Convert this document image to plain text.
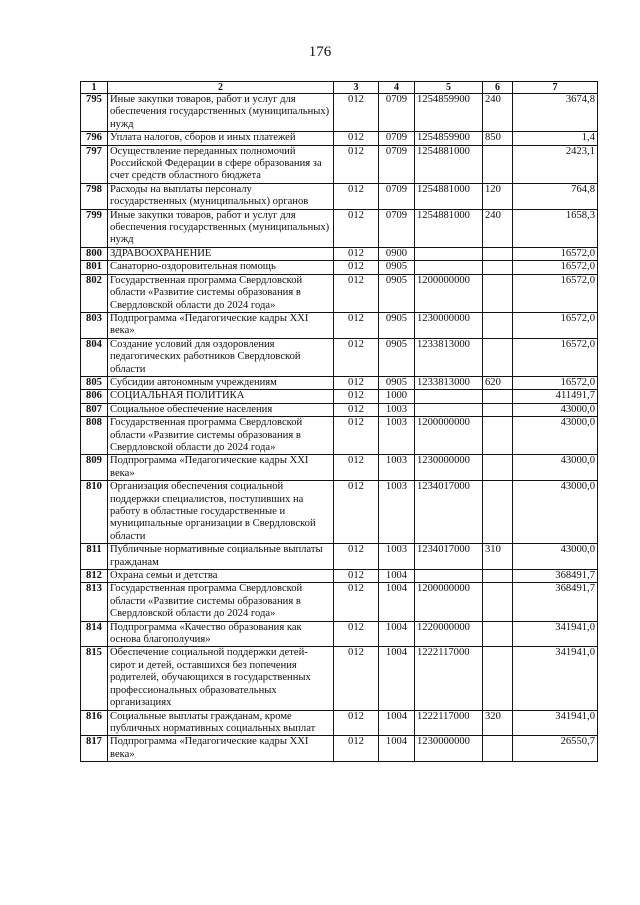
176
1	2	3	4	5	6	7
795	Иные закупки товаров, работ и услуг для обеспечения государственных (муниципальных) нужд	012	0709	1254859900	240	3674,8
796	Уплата налогов, сборов и иных платежей	012	0709	1254859900	850	1,4
797	Осуществление переданных полномочий Российской Федерации в сфере образования за счет средств областного бюджета	012	0709	1254881000		2423,1
798	Расходы на выплаты персоналу государственных (муниципальных) органов	012	0709	1254881000	120	764,8
799	Иные закупки товаров, работ и услуг для обеспечения государственных (муниципальных) нужд	012	0709	1254881000	240	1658,3
800	ЗДРАВООХРАНЕНИЕ	012	0900			16572,0
801	Санаторно-оздоровительная помощь	012	0905			16572,0
802	Государственная программа Свердловской области «Развитие системы образования в Свердловской области до 2024 года»	012	0905	1200000000		16572,0
803	Подпрограмма «Педагогические кадры XXI века»	012	0905	1230000000		16572,0
804	Создание условий для оздоровления педагогических работников Свердловской области	012	0905	1233813000		16572,0
805	Субсидии автономным учреждениям	012	0905	1233813000	620	16572,0
806	СОЦИАЛЬНАЯ ПОЛИТИКА	012	1000			411491,7
807	Социальное обеспечение населения	012	1003			43000,0
808	Государственная программа Свердловской области «Развитие системы образования в Свердловской области до 2024 года»	012	1003	1200000000		43000,0
809	Подпрограмма «Педагогические кадры XXI века»	012	1003	1230000000		43000,0
810	Организация обеспечения социальной поддержки специалистов, поступивших на работу в областные государственные и муниципальные организации в Свердловской области	012	1003	1234017000		43000,0
811	Публичные нормативные социальные выплаты гражданам	012	1003	1234017000	310	43000,0
812	Охрана семьи и детства	012	1004			368491,7
813	Государственная программа Свердловской области «Развитие системы образования в Свердловской области до 2024 года»	012	1004	1200000000		368491,7
814	Подпрограмма «Качество образования как основа благополучия»	012	1004	1220000000		341941,0
815	Обеспечение социальной поддержки детей-сирот и детей, оставшихся без попечения родителей, обучающихся в государственных профессиональных образовательных организациях	012	1004	1222117000		341941,0
816	Социальные выплаты гражданам, кроме публичных нормативных социальных выплат	012	1004	1222117000	320	341941,0
817	Подпрограмма «Педагогические кадры XXI века»	012	1004	1230000000		26550,7
